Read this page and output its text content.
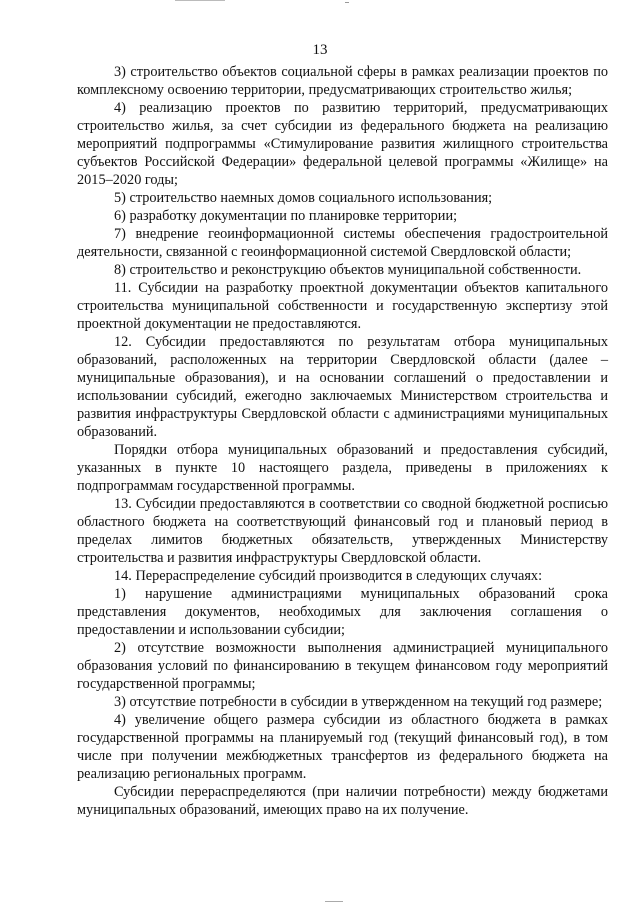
13

3) строительство объектов социальной сферы в рамках реализации проектов по комплексному освоению территории, предусматривающих строительство жилья;

4) реализацию проектов по развитию территорий, предусматривающих строительство жилья, за счет субсидии из федерального бюджета на реализацию мероприятий подпрограммы «Стимулирование развития жилищного строительства субъектов Российской Федерации» федеральной целевой программы «Жилище» на 2015–2020 годы;

5) строительство наемных домов социального использования;

6) разработку документации по планировке территории;

7) внедрение геоинформационной системы обеспечения градостроительной деятельности, связанной с геоинформационной системой Свердловской области;

8) строительство и реконструкцию объектов муниципальной собственности.

11. Субсидии на разработку проектной документации объектов капитального строительства муниципальной собственности и государственную экспертизу этой проектной документации не предоставляются.

12. Субсидии предоставляются по результатам отбора муниципальных образований, расположенных на территории Свердловской области (далее – муниципальные образования), и на основании соглашений о предоставлении и использовании субсидий, ежегодно заключаемых Министерством строительства и развития инфраструктуры Свердловской области с администрациями муниципальных образований.

Порядки отбора муниципальных образований и предоставления субсидий, указанных в пункте 10 настоящего раздела, приведены в приложениях к подпрограммам государственной программы.

13. Субсидии предоставляются в соответствии со сводной бюджетной росписью областного бюджета на соответствующий финансовый год и плановый период в пределах лимитов бюджетных обязательств, утвержденных Министерству строительства и развития инфраструктуры Свердловской области.

14. Перераспределение субсидий производится в следующих случаях:

1) нарушение администрациями муниципальных образований срока представления документов, необходимых для заключения соглашения о предоставлении и использовании субсидии;

2) отсутствие возможности выполнения администрацией муниципального образования условий по финансированию в текущем финансовом году мероприятий государственной программы;

3) отсутствие потребности в субсидии в утвержденном на текущий год размере;

4) увеличение общего размера субсидии из областного бюджета в рамках государственной программы на планируемый год (текущий финансовый год), в том числе при получении межбюджетных трансфертов из федерального бюджета на реализацию региональных программ.

Субсидии перераспределяются (при наличии потребности) между бюджетами муниципальных образований, имеющих право на их получение.
